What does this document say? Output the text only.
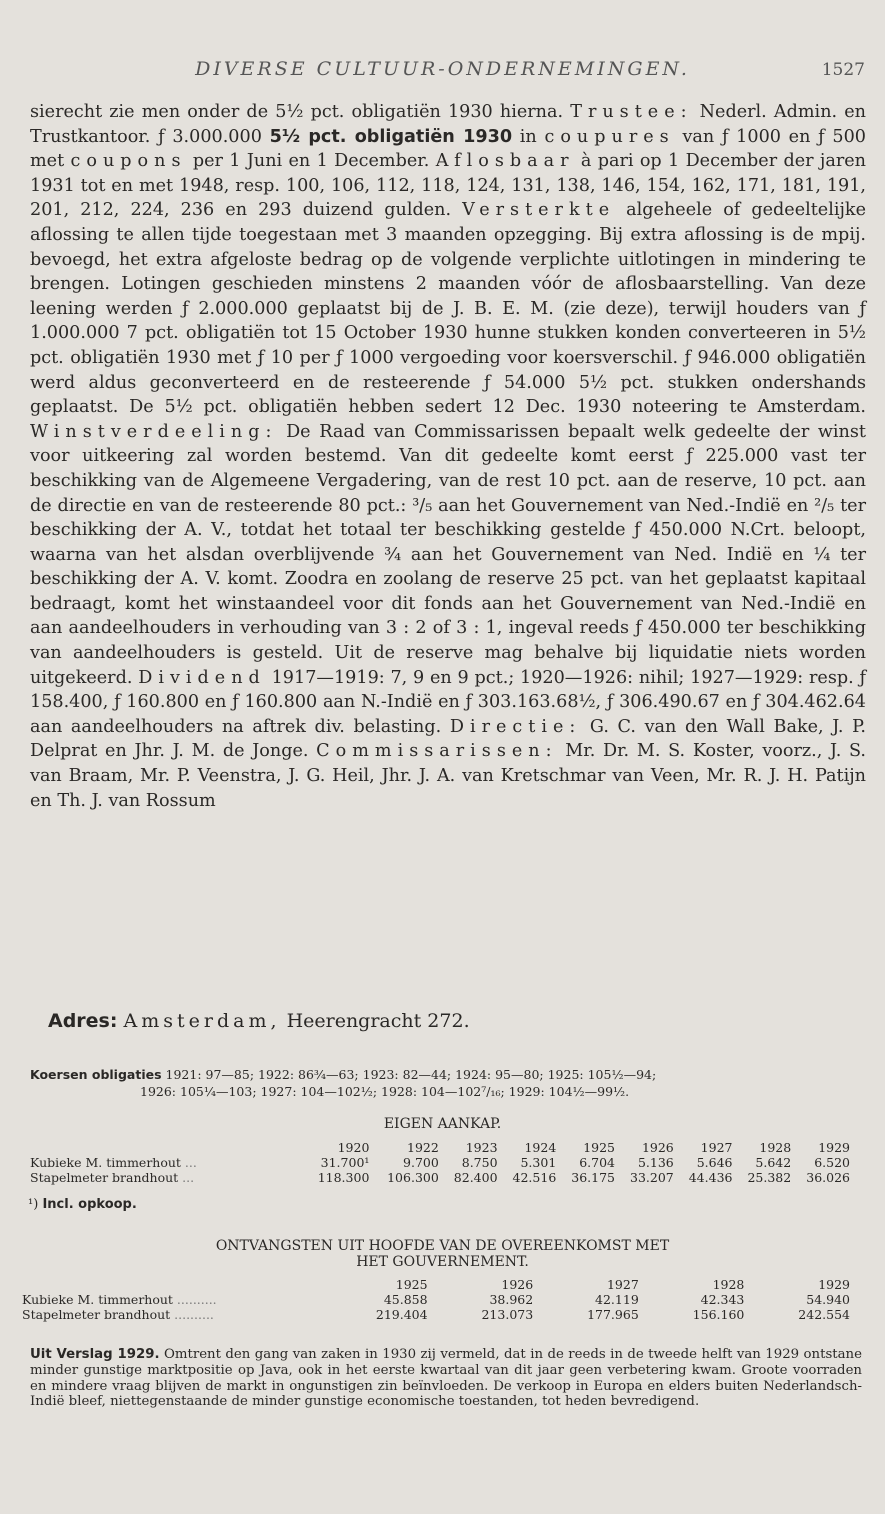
DIVERSE CULTUUR-ONDERNEMINGEN.	1527

sierecht zie men onder de 5½ pct. obligatiën 1930 hierna. Trustee: Nederl. Admin. en Trustkantoor. ƒ 3.000.000 5½ pct. obligatiën 1930 in coupures van ƒ 1000 en ƒ 500 met coupons per 1 Juni en 1 December. Aflosbaar à pari op 1 December der jaren 1931 tot en met 1948, resp. 100, 106, 112, 118, 124, 131, 138, 146, 154, 162, 171, 181, 191, 201, 212, 224, 236 en 293 duizend gulden. Versterkte algeheele of gedeeltelijke aflossing te allen tijde toegestaan met 3 maanden opzegging. Bij extra aflossing is de mpij. bevoegd, het extra afgeloste bedrag op de volgende verplichte uitlotingen in mindering te brengen. Lotingen geschieden minstens 2 maanden vóór de aflosbaarstelling. Van deze leening werden ƒ 2.000.000 geplaatst bij de J. B. E. M. (zie deze), terwijl houders van ƒ 1.000.000 7 pct. obligatiën tot 15 October 1930 hunne stukken konden converteeren in 5½ pct. obligatiën 1930 met ƒ 10 per ƒ 1000 vergoeding voor koersverschil. ƒ 946.000 obligatiën werd aldus geconverteerd en de resteerende ƒ 54.000 5½ pct. stukken ondershands geplaatst. De 5½ pct. obligatiën hebben sedert 12 Dec. 1930 noteering te Amsterdam. Winstverdeeling: De Raad van Commissarissen bepaalt welk gedeelte der winst voor uitkeering zal worden bestemd. Van dit gedeelte komt eerst ƒ 225.000 vast ter beschikking van de Algemeene Vergadering, van de rest 10 pct. aan de reserve, 10 pct. aan de directie en van de resteerende 80 pct.: ³/₅ aan het Gouvernement van Ned.-Indië en ²/₅ ter beschikking der A. V., totdat het totaal ter beschikking gestelde ƒ 450.000 N.Crt. beloopt, waarna van het alsdan overblijvende ¾ aan het Gouvernement van Ned. Indië en ¼ ter beschikking der A. V. komt. Zoodra en zoolang de reserve 25 pct. van het geplaatst kapitaal bedraagt, komt het winstaandeel voor dit fonds aan het Gouvernement van Ned.-Indië en aan aandeelhouders in verhouding van 3 : 2 of 3 : 1, ingeval reeds ƒ 450.000 ter beschikking van aandeelhouders is gesteld. Uit de reserve mag behalve bij liquidatie niets worden uitgekeerd. Dividend 1917—1919: 7, 9 en 9 pct.; 1920—1926: nihil; 1927—1929: resp. ƒ 158.400, ƒ 160.800 en ƒ 160.800 aan N.-Indië en ƒ 303.163.68½, ƒ 306.490.67 en ƒ 304.462.64 aan aandeelhouders na aftrek div. belasting. Directie: G. C. van den Wall Bake, J. P. Delprat en Jhr. J. M. de Jonge. Commissarissen: Mr. Dr. M. S. Koster, voorz., J. S. van Braam, Mr. P. Veenstra, J. G. Heil, Jhr. J. A. van Kretschmar van Veen, Mr. R. J. H. Patijn en Th. J. van Rossum

Adres: Amsterdam, Heerengracht 272.
Koersen obligaties 1921: 97—85; 1922: 86¾—63; 1923: 82—44; 1924: 95—80; 1925: 105½—94;
1926: 105¼—103; 1927: 104—102½; 1928: 104—102⁷/₁₆; 1929: 104½—99½.
EIGEN AANKAP.
	1920	1922	1923	1924	1925	1926	1927	1928	1929
Kubieke M. timmerhout ...	31.700¹	9.700	8.750	5.301	6.704	5.136	5.646	5.642	6.520
Stapelmeter brandhout ...	118.300	106.300	82.400	42.516	36.175	33.207	44.436	25.382	36.026
¹) Incl. opkoop.
ONTVANGSTEN UIT HOOFDE VAN DE OVEREENKOMST MET
HET GOUVERNEMENT.
	1925	1926	1927	1928	1929
Kubieke M. timmerhout ..........	45.858	38.962	42.119	42.343	54.940
Stapelmeter brandhout ..........	219.404	213.073	177.965	156.160	242.554
Uit Verslag 1929. Omtrent den gang van zaken in 1930 zij vermeld, dat in de reeds in de tweede helft van 1929 ontstane minder gunstige marktpositie op Java, ook in het eerste kwartaal van dit jaar geen verbetering kwam. Groote voorraden en mindere vraag blijven de markt in ongunstigen zin beïnvloeden. De verkoop in Europa en elders buiten Nederlandsch-Indië bleef, niettegenstaande de minder gunstige economische toestanden, tot heden bevredigend.
